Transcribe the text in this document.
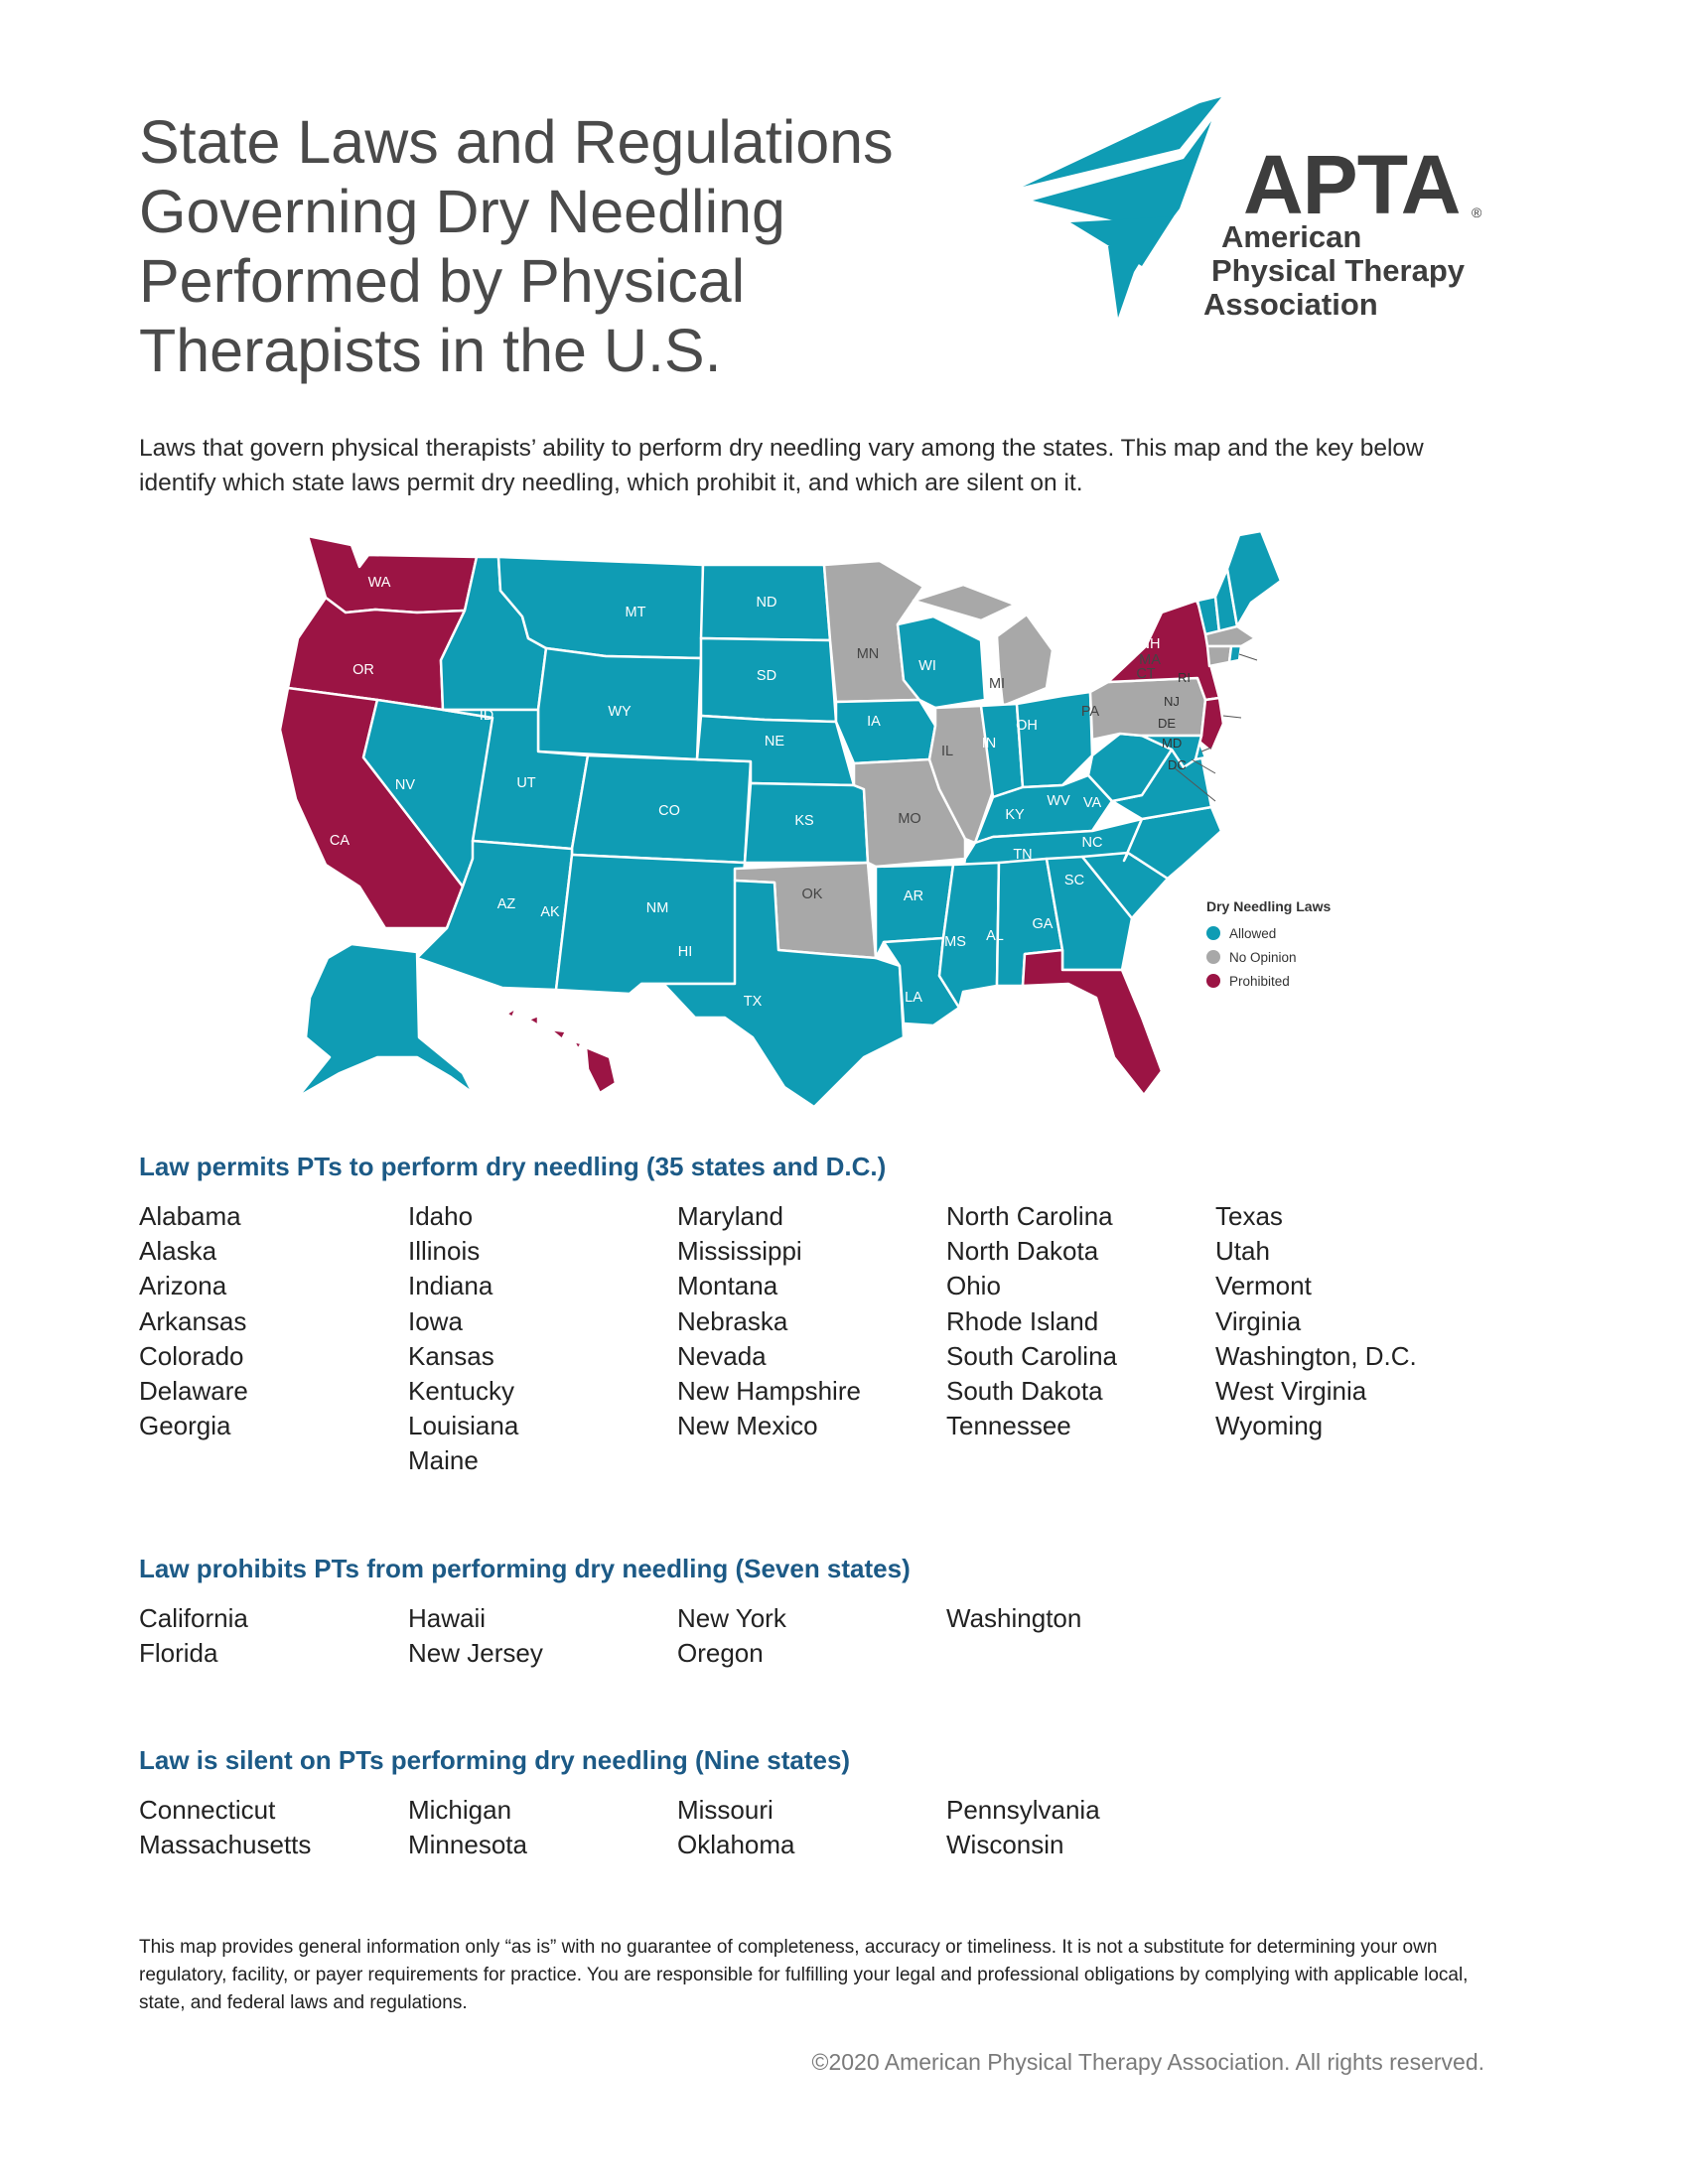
State Laws and Regulations
Governing Dry Needling
Performed by Physical
Therapists in the U.S.
APTA ®
American
Physical Therapy
Association

Laws that govern physical therapists’ ability to perform dry needling vary among the states. This map and the key below identify which state laws permit dry needling, which prohibit it, and which are silent on it.

WA
OR
CA
ID
MT
NV
WY
UT
AZ
CO
NM
ND
SD
NE
KS
OK
TX
MN
IA
MO
AR
LA
WI
IL
MI
IN
OH
KY
TN
MS AL
GA
FL
SC
NC
VA
WV
PA
NY
ME
VT
NH
MA
CT RI
NJ
DE
MD
DC
AK
HI
Dry Needling Laws
Allowed
No Opinion
Prohibited
Law permits PTs to perform dry needling (35 states and D.C.)
Alabama
Alaska
Arizona
Arkansas
Colorado
Delaware
Georgia
Idaho
Illinois
Indiana
Iowa
Kansas
Kentucky
Louisiana
Maine
Maryland
Mississippi
Montana
Nebraska
Nevada
New Hampshire
New Mexico
North Carolina
North Dakota
Ohio
Rhode Island
South Carolina
South Dakota
Tennessee
Texas
Utah
Vermont
Virginia
Washington, D.C.
West Virginia
Wyoming
Law prohibits PTs from performing dry needling (Seven states)
California
Florida
Hawaii
New Jersey
New York
Oregon
Washington
Law is silent on PTs performing dry needling (Nine states)
Connecticut
Massachusetts
Michigan
Minnesota
Missouri
Oklahoma
Pennsylvania
Wisconsin

This map provides general information only “as is” with no guarantee of completeness, accuracy or timeliness. It is not a substitute for determining your own regulatory, facility, or payer requirements for practice. You are responsible for fulfilling your legal and professional obligations by complying with applicable local, state, and federal laws and regulations.

©2020 American Physical Therapy Association. All rights reserved.
